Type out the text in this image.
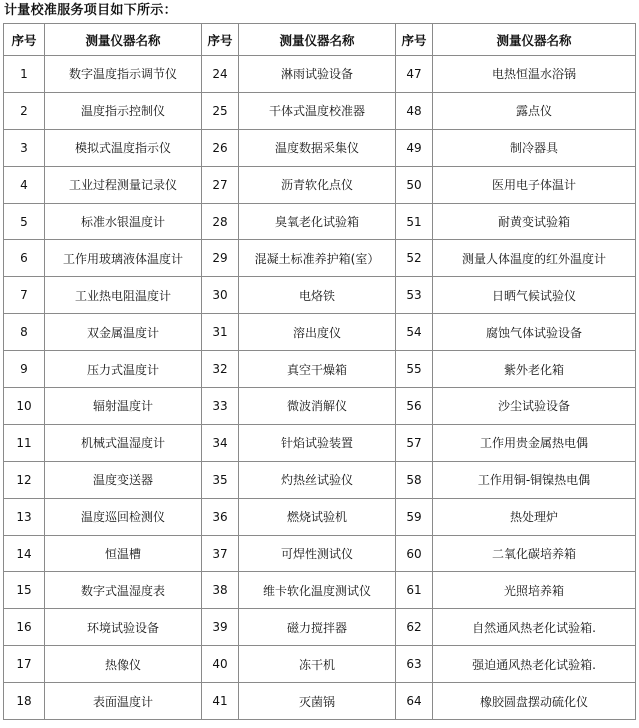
计量校准服务项目如下所示：
序号	测量仪器名称	序号	测量仪器名称	序号	测量仪器名称
1	数字温度指示调节仪	24	淋雨试验设备	47	电热恒温水浴锅
2	温度指示控制仪	25	干体式温度校准器	48	露点仪
3	模拟式温度指示仪	26	温度数据采集仪	49	制冷器具
4	工业过程测量记录仪	27	沥青软化点仪	50	医用电子体温计
5	标准水银温度计	28	臭氧老化试验箱	51	耐黄变试验箱
6	工作用玻璃液体温度计	29	混凝土标准养护箱(室）	52	测量人体温度的红外温度计
7	工业热电阻温度计	30	电烙铁	53	日晒气候试验仪
8	双金属温度计	31	溶出度仪	54	腐蚀气体试验设备
9	压力式温度计	32	真空干燥箱	55	紫外老化箱
10	辐射温度计	33	微波消解仪	56	沙尘试验设备
11	机械式温湿度计	34	针焰试验装置	57	工作用贵金属热电偶
12	温度变送器	35	灼热丝试验仪	58	工作用铜-铜镍热电偶
13	温度巡回检测仪	36	燃烧试验机	59	热处理炉
14	恒温槽	37	可焊性测试仪	60	二氧化碳培养箱
15	数字式温湿度表	38	维卡软化温度测试仪	61	光照培养箱
16	环境试验设备	39	磁力搅拌器	62	自然通风热老化试验箱.
17	热像仪	40	冻干机	63	强迫通风热老化试验箱.
18	表面温度计	41	灭菌锅	64	橡胶圆盘摆动硫化仪
